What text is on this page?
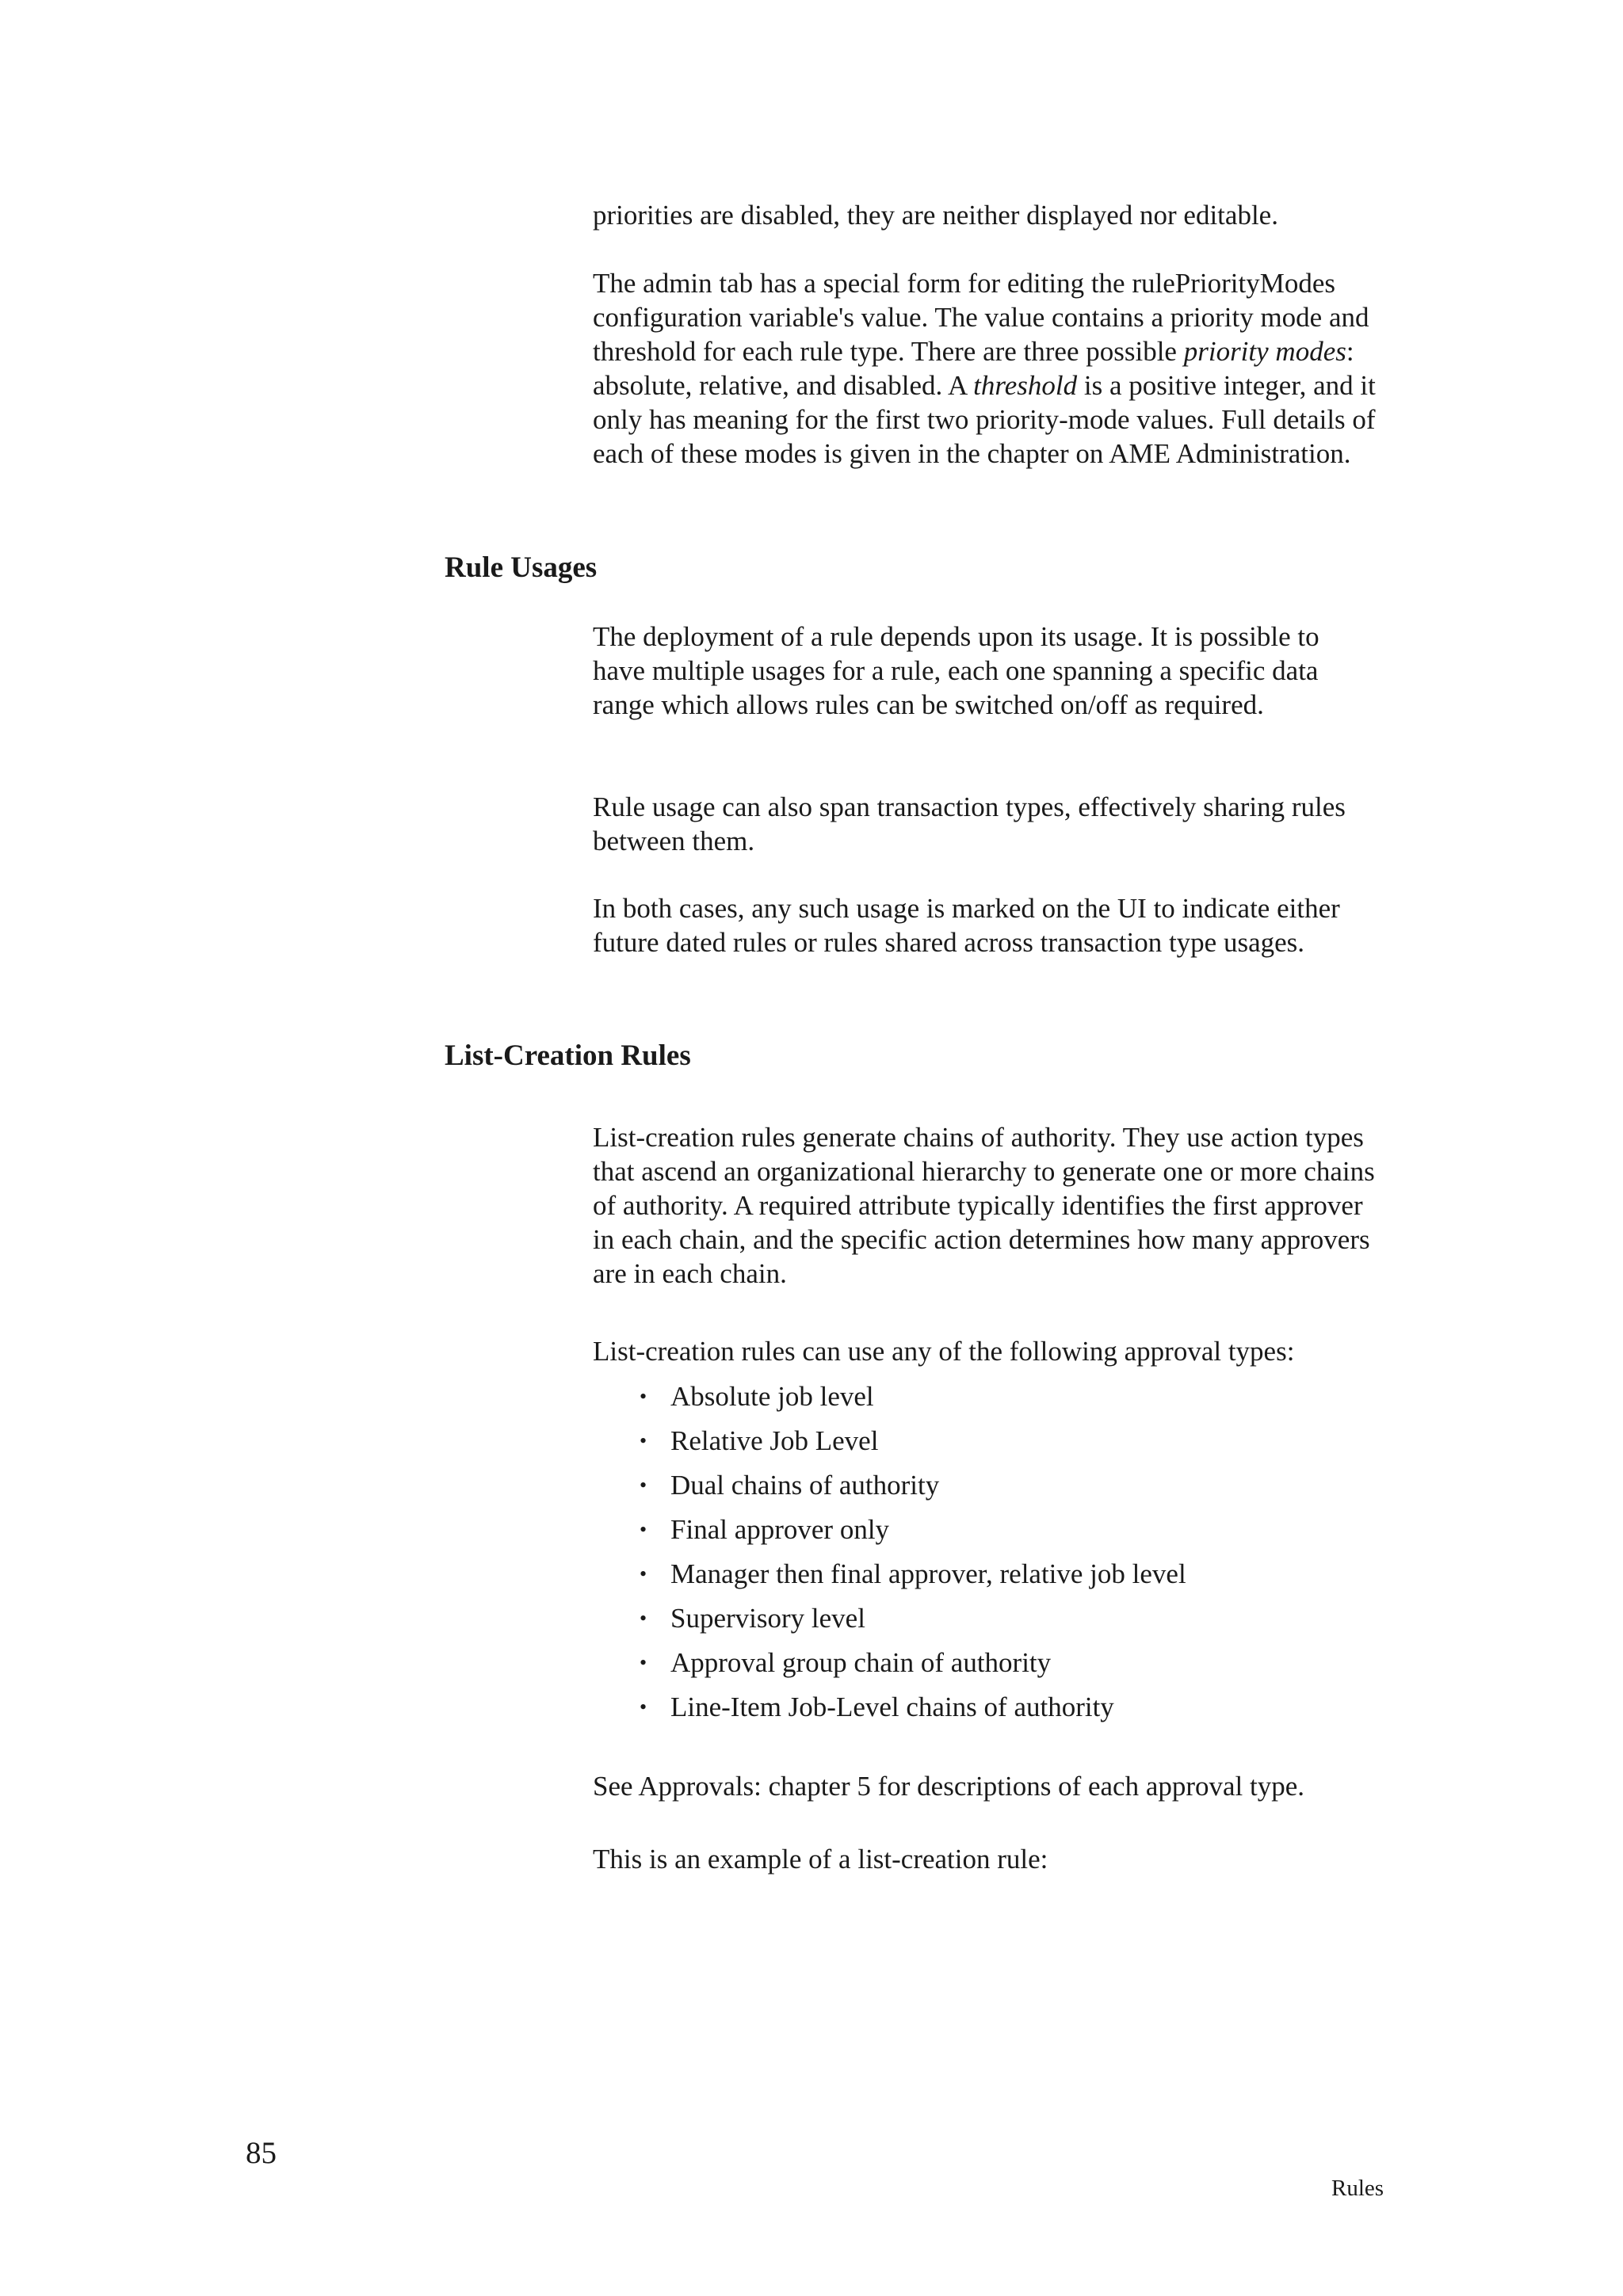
priorities are disabled, they are neither displayed nor editable.

The admin tab has a special form for editing the rulePriorityModes configuration variable's value. The value contains a priority mode and threshold for each rule type. There are three possible priority modes: absolute, relative, and disabled. A threshold is a positive integer, and it only has meaning for the first two priority-mode values. Full details of each of these modes is given in the chapter on AME Administration.

Rule Usages

The deployment of a rule depends upon its usage. It is possible to have multiple usages for a rule, each one spanning a specific data range which allows rules can be switched on/off as required.

Rule usage can also span transaction types, effectively sharing rules between them.

In both cases, any such usage is marked on the UI to indicate either future dated rules or rules shared across transaction type usages.

List-Creation Rules

List-creation rules generate chains of authority. They use action types that ascend an organizational hierarchy to generate one or more chains of authority. A required attribute typically identifies the first approver in each chain, and the specific action determines how many approvers are in each chain.

List-creation rules can use any of the following approval types:

• Absolute job level
• Relative Job Level
• Dual chains of authority
• Final approver only
• Manager then final approver, relative job level
• Supervisory level
• Approval group chain of authority
• Line-Item Job-Level chains of authority

See Approvals: chapter 5 for descriptions of each approval type.

This is an example of a list-creation rule:

85
Rules
